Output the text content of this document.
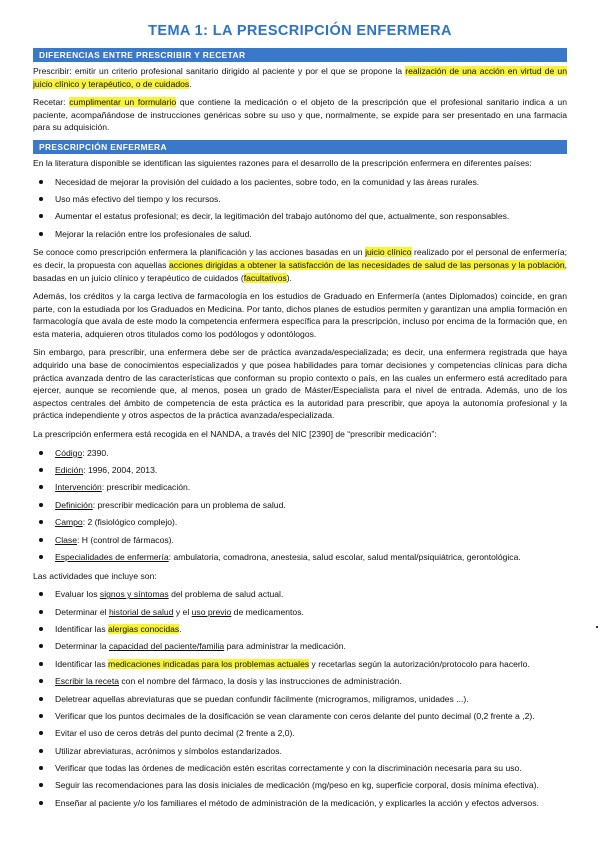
TEMA 1: LA PRESCRIPCIÓN ENFERMERA
DIFERENCIAS ENTRE PRESCRIBIR Y RECETAR

Prescribir: emitir un criterio profesional sanitario dirigido al paciente y por el que se propone la realización de una acción en virtud de un juicio clínico y terapéutico, o de cuidados.

Recetar: cumplimentar un formulario que contiene la medicación o el objeto de la prescripción que el profesional sanitario indica a un paciente, acompañándose de instrucciones genéricas sobre su uso y que, normalmente, se expide para ser presentado en una farmacia para su adquisición.

PRESCRIPCIÓN ENFERMERA

En la literatura disponible se identifican las siguientes razones para el desarrollo de la prescripción enfermera en diferentes países:

Necesidad de mejorar la provisión del cuidado a los pacientes, sobre todo, en la comunidad y las áreas rurales.
Uso más efectivo del tiempo y los recursos.
Aumentar el estatus profesional; es decir, la legitimación del trabajo autónomo del que, actualmente, son responsables.
Mejorar la relación entre los profesionales de salud.

Se conoce como prescripción enfermera la planificación y las acciones basadas en un juicio clínico realizado por el personal de enfermería; es decir, la propuesta con aquellas acciones dirigidas a obtener la satisfacción de las necesidades de salud de las personas y la población, basadas en un juicio clínico y terapéutico de cuidados (facultativos).

Además, los créditos y la carga lectiva de farmacología en los estudios de Graduado en Enfermería (antes Diplomados) coincide, en gran parte, con la estudiada por los Graduados en Medicina. Por tanto, dichos planes de estudios permiten y garantizan una amplia formación en farmacología que avala de este modo la competencia enfermera específica para la prescripción, incluso por encima de la formación que, en esta materia, adquieren otros titulados como los podólogos y odontólogos.

Sin embargo, para prescribir, una enfermera debe ser de práctica avanzada/especializada; es decir, una enfermera registrada que haya adquirido una base de conocimientos especializados y que posea habilidades para tomar decisiones y competencias clínicas para dicha práctica avanzada dentro de las características que conforman su propio contexto o país, en las cuales un enfermero está acreditado para ejercer, aunque se recomiende que, al menos, posea un grado de Máster/Especialista para el nivel de entrada. Además, uno de los aspectos centrales del ámbito de competencia de esta práctica es la autoridad para prescribir, que apoya la autonomía profesional y la práctica independiente y otros aspectos de la práctica avanzada/especializada.

La prescripción enfermera está recogida en el NANDA, a través del NIC [2390] de “prescribir medicación”:

Código: 2390.
Edición: 1996, 2004, 2013.
Intervención: prescribir medicación.
Definición: prescribir medicación para un problema de salud.
Campo: 2 (fisiológico complejo).
Clase: H (control de fármacos).
Especialidades de enfermería: ambulatoria, comadrona, anestesia, salud escolar, salud mental/psiquiátrica, gerontológica.

Las actividades que incluye son:

Evaluar los signos y síntomas del problema de salud actual.
Determinar el historial de salud y el uso previo de medicamentos.
Identificar las alergias conocidas.
Determinar la capacidad del paciente/familia para administrar la medicación.
Identificar las medicaciones indicadas para los problemas actuales y recetarlas según la autorización/protocolo para hacerlo.
Escribir la receta con el nombre del fármaco, la dosis y las instrucciones de administración.
Deletrear aquellas abreviaturas que se puedan confundir fácilmente (microgramos, miligramos, unidades ...).
Verificar que los puntos decimales de la dosificación se vean claramente con ceros delante del punto decimal (0,2 frente a ,2).
Evitar el uso de ceros detrás del punto decimal (2 frente a 2,0).
Utilizar abreviaturas, acrónimos y símbolos estandarizados.
Verificar que todas las órdenes de medicación estén escritas correctamente y con la discriminación necesaria para su uso.
Seguir las recomendaciones para las dosis iniciales de medicación (mg/peso en kg, superficie corporal, dosis mínima efectiva).
Enseñar al paciente y/o los familiares el método de administración de la medicación, y explicarles la acción y efectos adversos.
